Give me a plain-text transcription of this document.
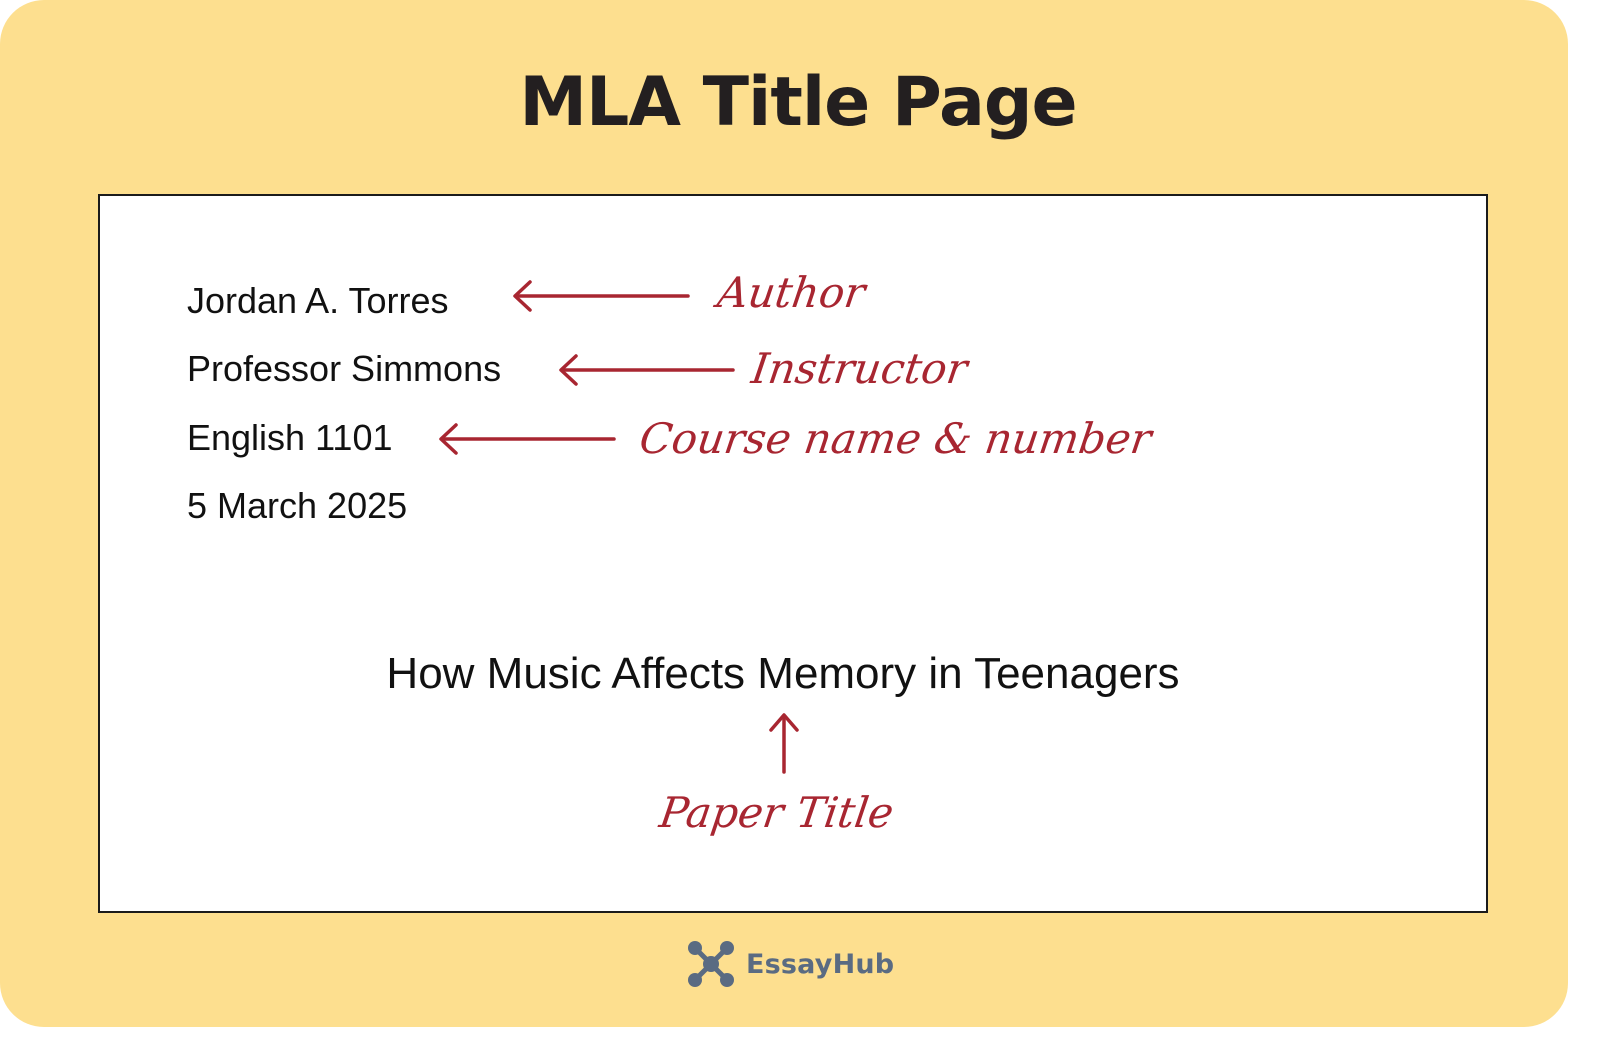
MLA Title Page
Jordan A. Torres
Professor Simmons
English 1101
5 March 2025
How Music Affects Memory in Teenagers
Author
Instructor
Course name & number
Paper Title
EssayHub
